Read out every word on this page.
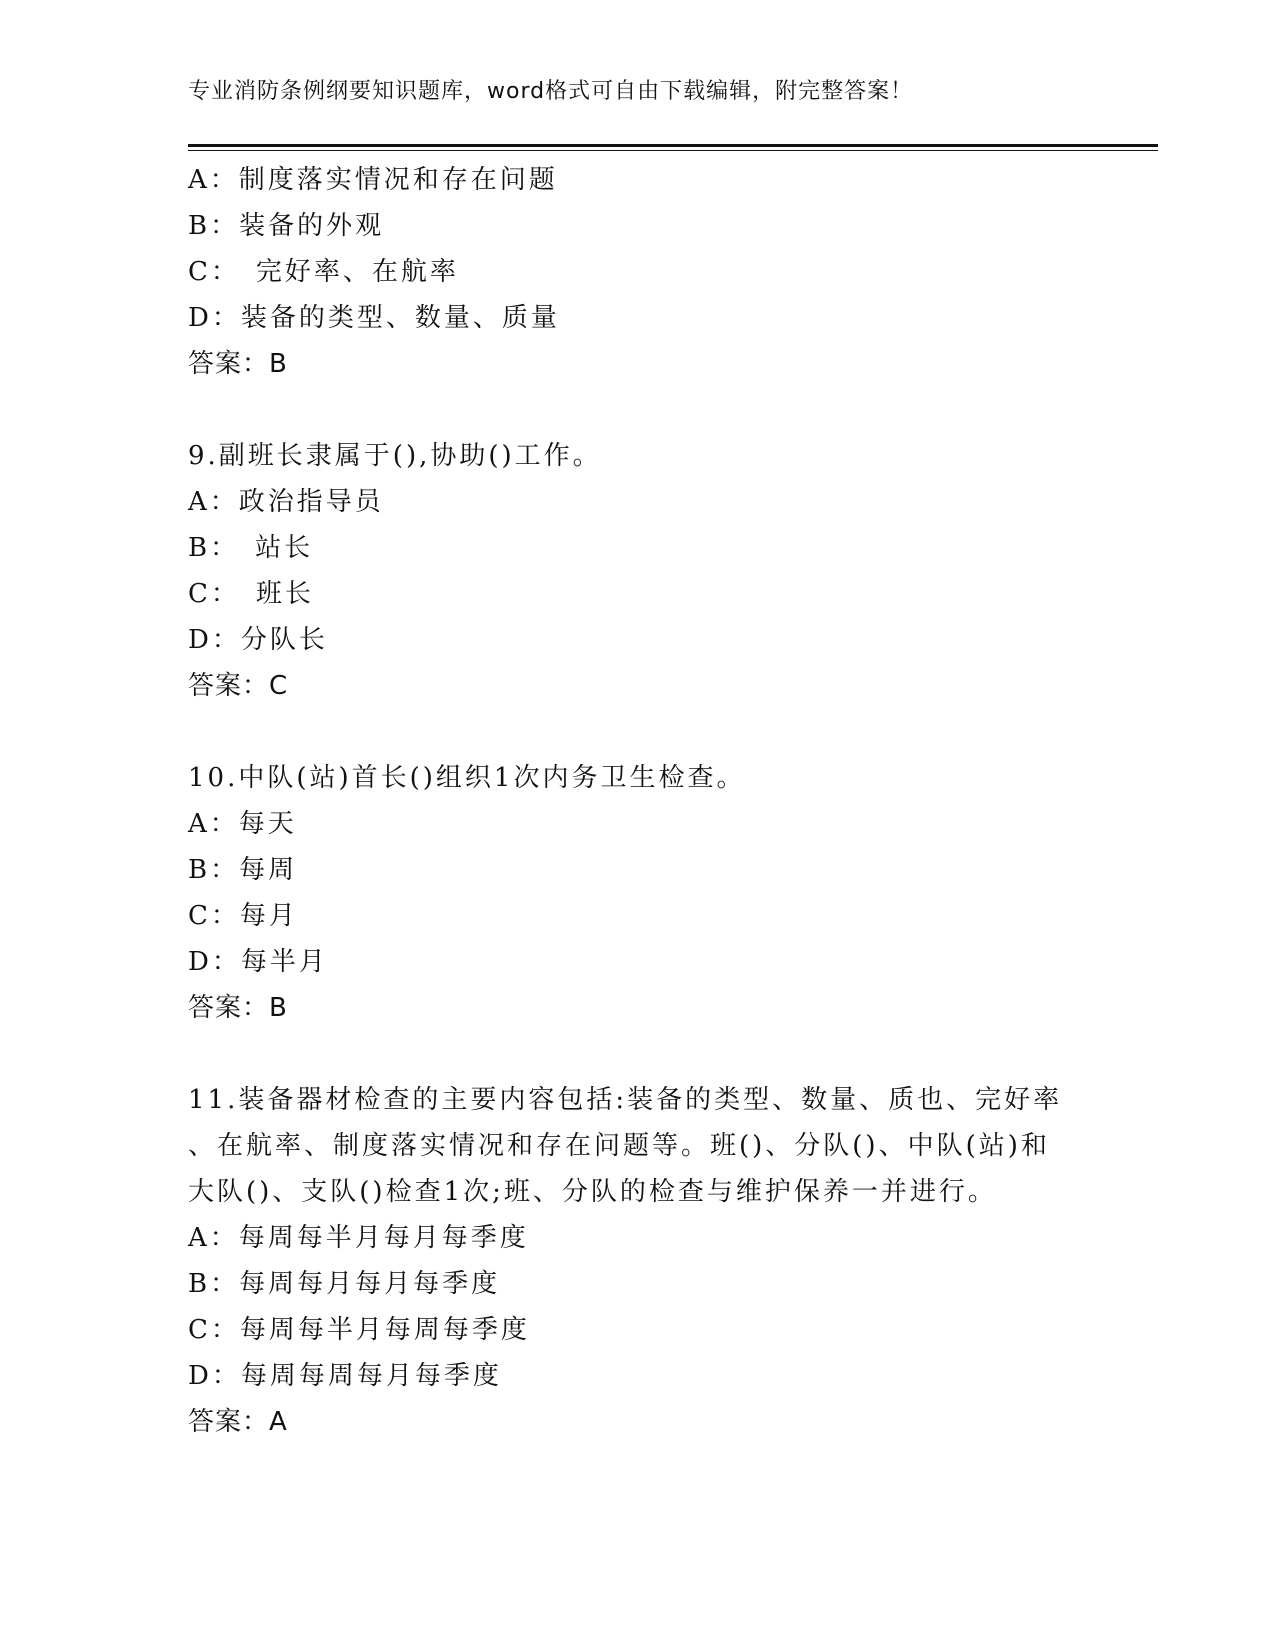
专业消防条例纲要知识题库，word格式可自由下载编辑，附完整答案！
A：制度落实情况和存在问题
B：装备的外观
C：　完好率、在航率
D：装备的类型、数量、质量
答案：B
9.副班长隶属于(),协助()工作。
A：政治指导员
B：　站长
C：　班长
D：分队长
答案：C
10.中队(站)首长()组织1次内务卫生检查。
A：每天
B：每周
C：每月
D：每半月
答案：B
11.装备器材检查的主要内容包括:装备的类型、数量、质也、完好率
、在航率、制度落实情况和存在问题等。班()、分队()、中队(站)和
大队()、支队()检查1次;班、分队的检查与维护保养一并进行。
A：每周每半月每月每季度
B：每周每月每月每季度
C：每周每半月每周每季度
D：每周每周每月每季度
答案：A
